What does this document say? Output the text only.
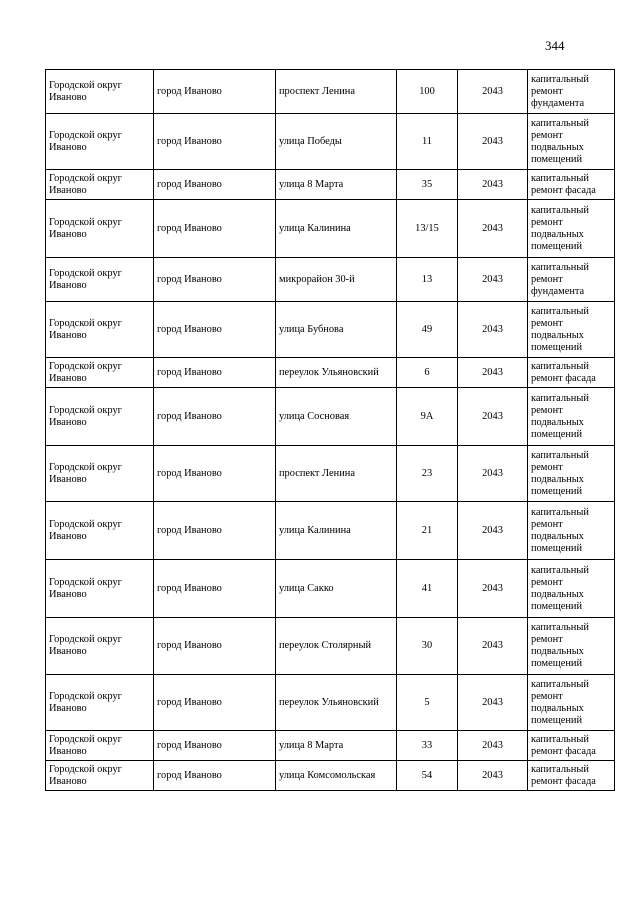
344
Городской округ Иваново	город Иваново	проспект Ленина	100	2043	капитальный ремонт фундамента
Городской округ Иваново	город Иваново	улица Победы	11	2043	капитальный ремонт подвальных помещений
Городской округ Иваново	город Иваново	улица 8 Марта	35	2043	капитальный ремонт фасада
Городской округ Иваново	город Иваново	улица Калинина	13/15	2043	капитальный ремонт подвальных помещений
Городской округ Иваново	город Иваново	микрорайон 30-й	13	2043	капитальный ремонт фундамента
Городской округ Иваново	город Иваново	улица Бубнова	49	2043	капитальный ремонт подвальных помещений
Городской округ Иваново	город Иваново	переулок Ульяновский	6	2043	капитальный ремонт фасада
Городской округ Иваново	город Иваново	улица Сосновая	9А	2043	капитальный ремонт подвальных помещений
Городской округ Иваново	город Иваново	проспект Ленина	23	2043	капитальный ремонт подвальных помещений
Городской округ Иваново	город Иваново	улица Калинина	21	2043	капитальный ремонт подвальных помещений
Городской округ Иваново	город Иваново	улица Сакко	41	2043	капитальный ремонт подвальных помещений
Городской округ Иваново	город Иваново	переулок Столярный	30	2043	капитальный ремонт подвальных помещений
Городской округ Иваново	город Иваново	переулок Ульяновский	5	2043	капитальный ремонт подвальных помещений
Городской округ Иваново	город Иваново	улица 8 Марта	33	2043	капитальный ремонт фасада
Городской округ Иваново	город Иваново	улица Комсомольская	54	2043	капитальный ремонт фасада
